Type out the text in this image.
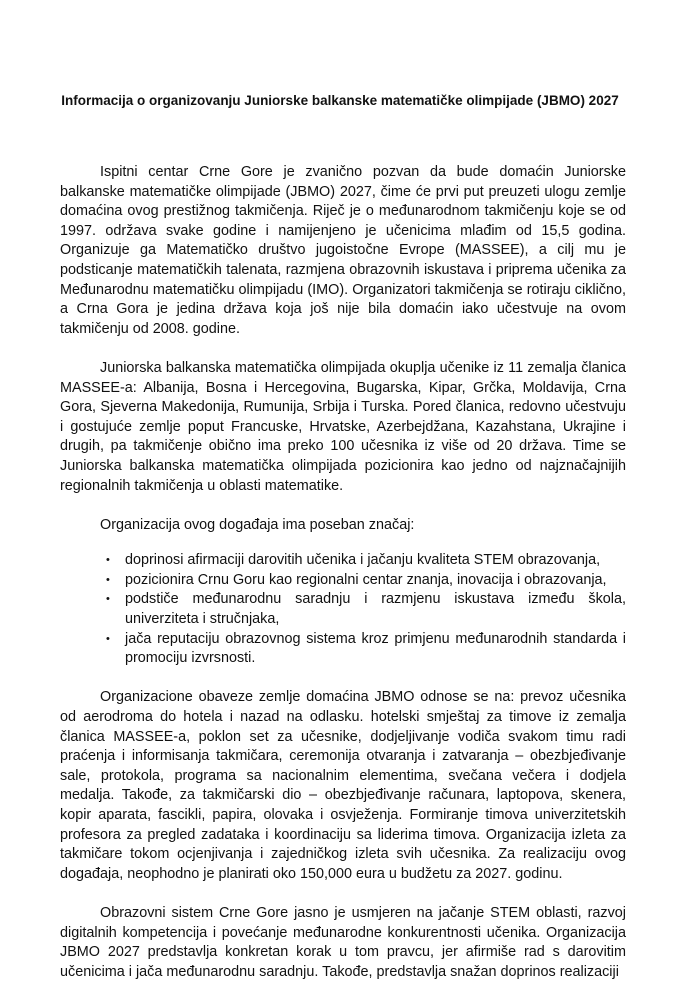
Informacija o organizovanju Juniorske balkanske matematičke olimpijade (JBMO) 2027

Ispitni centar Crne Gore je zvanično pozvan da bude domaćin Juniorske balkanske matematičke olimpijade (JBMO) 2027, čime će prvi put preuzeti ulogu zemlje domaćina ovog prestižnog takmičenja. Riječ je o međunarodnom takmičenju koje se od 1997. održava svake godine i namijenjeno je učenicima mlađim od 15,5 godina. Organizuje ga Matematičko društvo jugoistočne Evrope (MASSEE), a cilj mu je podsticanje matematičkih talenata, razmjena obrazovnih iskustava i priprema učenika za Međunarodnu matematičku olimpijadu (IMO). Organizatori takmičenja se rotiraju ciklično, a Crna Gora je jedina država koja još nije bila domaćin iako učestvuje na ovom takmičenju od 2008. godine.

Juniorska balkanska matematička olimpijada okuplja učenike iz 11 zemalja članica MASSEE-a: Albanija, Bosna i Hercegovina, Bugarska, Kipar, Grčka, Moldavija, Crna Gora, Sjeverna Makedonija, Rumunija, Srbija i Turska. Pored članica, redovno učestvuju i gostujuće zemlje poput Francuske, Hrvatske, Azerbejdžana, Kazahstana, Ukrajine i drugih, pa takmičenje obično ima preko 100 učesnika iz više od 20 država. Time se Juniorska balkanska matematička olimpijada pozicionira kao jedno od najznačajnijih regionalnih takmičenja u oblasti matematike.

Organizacija ovog događaja ima poseban značaj:

• doprinosi afirmaciji darovitih učenika i jačanju kvaliteta STEM obrazovanja,
• pozicionira Crnu Goru kao regionalni centar znanja, inovacija i obrazovanja,
• podstiče međunarodnu saradnju i razmjenu iskustava između škola, univerziteta i stručnjaka,
• jača reputaciju obrazovnog sistema kroz primjenu međunarodnih standarda i promociju izvrsnosti.

Organizacione obaveze zemlje domaćina JBMO odnose se na: prevoz učesnika od aerodroma do hotela i nazad na odlasku. hotelski smještaj za timove iz zemalja članica MASSEE-a, poklon set za učesnike, dodjeljivanje vodiča svakom timu radi praćenja i informisanja takmičara, ceremonija otvaranja i zatvaranja – obezbjeđivanje sale, protokola, programa sa nacionalnim elementima, svečana večera i dodjela medalja. Takođe, za takmičarski dio – obezbjeđivanje računara, laptopova, skenera, kopir aparata, fascikli, papira, olovaka i osvježenja. Formiranje timova univerzitetskih profesora za pregled zadataka i koordinaciju sa liderima timova. Organizacija izleta za takmičare tokom ocjenjivanja i zajedničkog izleta svih učesnika. Za realizaciju ovog događaja, neophodno je planirati oko 150,000 eura u budžetu za 2027. godinu.

Obrazovni sistem Crne Gore jasno je usmjeren na jačanje STEM oblasti, razvoj digitalnih kompetencija i povećanje međunarodne konkurentnosti učenika. Organizacija JBMO 2027 predstavlja konkretan korak u tom pravcu, jer afirmiše rad s darovitim učenicima i jača međunarodnu saradnju. Takođe, predstavlja snažan doprinos realizaciji
